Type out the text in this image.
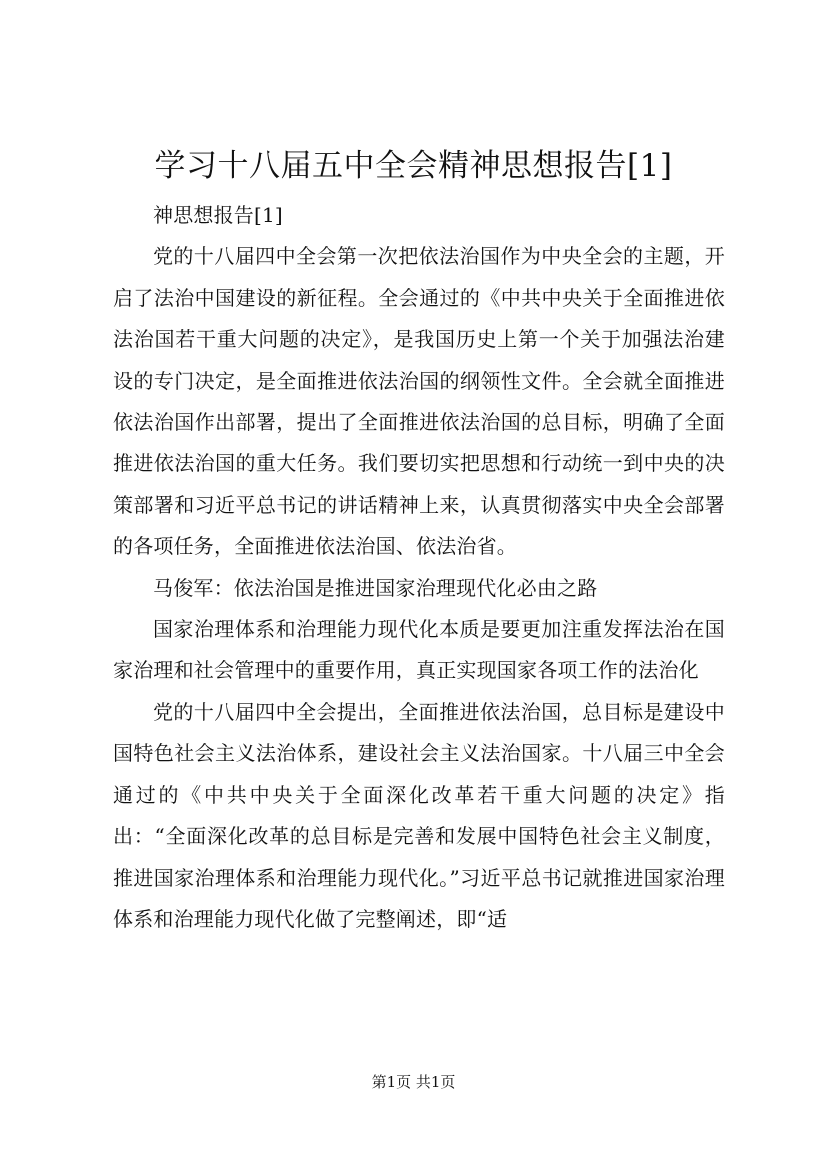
学习十八届五中全会精神思想报告[1]

神思想报告[1]

党的十八届四中全会第一次把依法治国作为中央全会的主题，开启了法治中国建设的新征程。全会通过的《中共中央关于全面推进依法治国若干重大问题的决定》，是我国历史上第一个关于加强法治建设的专门决定，是全面推进依法治国的纲领性文件。全会就全面推进依法治国作出部署，提出了全面推进依法治国的总目标，明确了全面推进依法治国的重大任务。我们要切实把思想和行动统一到中央的决策部署和习近平总书记的讲话精神上来，认真贯彻落实中央全会部署的各项任务，全面推进依法治国、依法治省。

马俊军：依法治国是推进国家治理现代化必由之路

国家治理体系和治理能力现代化本质是要更加注重发挥法治在国家治理和社会管理中的重要作用，真正实现国家各项工作的法治化

党的十八届四中全会提出，全面推进依法治国，总目标是建设中国特色社会主义法治体系，建设社会主义法治国家。十八届三中全会通过的《中共中央关于全面深化改革若干重大问题的决定》指出：“全面深化改革的总目标是完善和发展中国特色社会主义制度，推进国家治理体系和治理能力现代化。”习近平总书记就推进国家治理体系和治理能力现代化做了完整阐述，即“适

第1页 共1页
